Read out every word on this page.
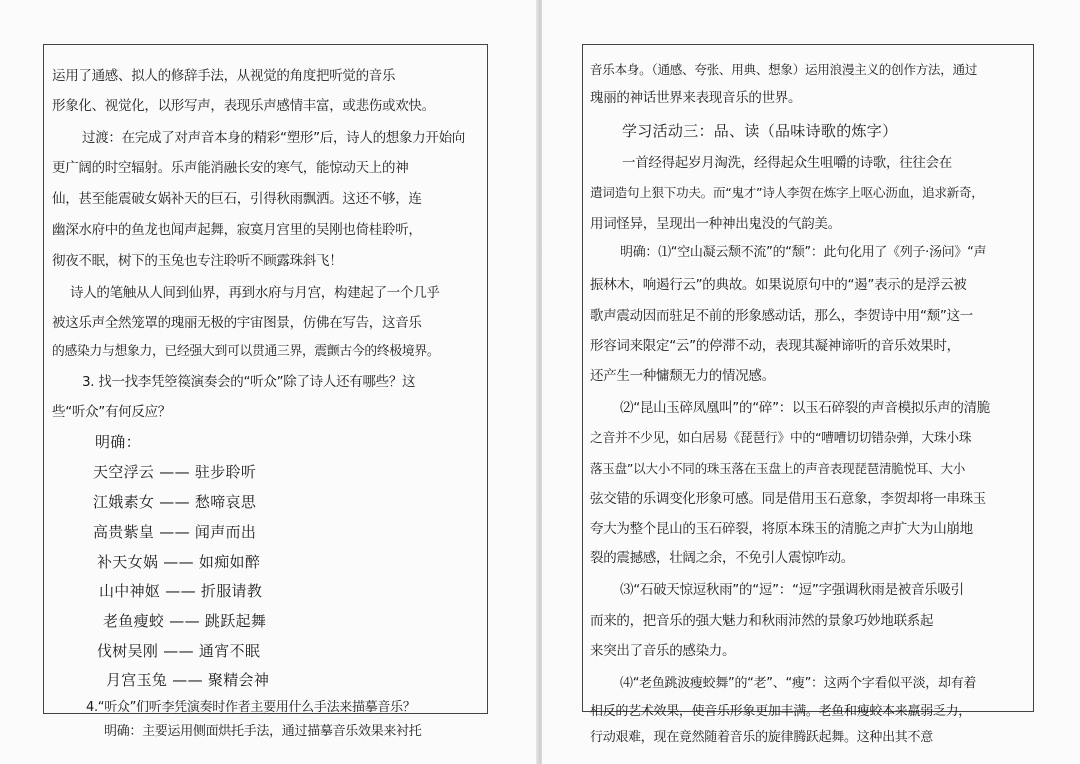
运用了通感、拟人的修辞手法，从视觉的角度把听觉的音乐
形象化、视觉化，以形写声，表现乐声感情丰富，或悲伤或欢快。
过渡：在完成了对声音本身的精彩“塑形”后，诗人的想象力开始向
更广阔的时空辐射。乐声能消融长安的寒气，能惊动天上的神
仙，甚至能震破女娲补天的巨石，引得秋雨飘洒。这还不够，连
幽深水府中的鱼龙也闻声起舞，寂寞月宫里的吴刚也倚桂聆听，
彻夜不眠，树下的玉兔也专注聆听不顾露珠斜飞！
诗人的笔触从人间到仙界，再到水府与月宫，构建起了一个几乎
被这乐声全然笼罩的瑰丽无极的宇宙图景，仿佛在写告，这音乐
的感染力与想象力，已经强大到可以贯通三界，震颤古今的终极境界。
3. 找一找李凭箜篌演奏会的“听众”除了诗人还有哪些？这
些“听众”有何反应？
明确：
天空浮云 —— 驻步聆听
江娥素女 —— 愁啼哀思
高贵紫皇 —— 闻声而出
补天女娲 —— 如痴如醉
山中神妪 —— 折服请教
老鱼瘦蛟 —— 跳跃起舞
伐树吴刚 —— 通宵不眠
月宫玉兔 —— 聚精会神
4.“听众”们听李凭演奏时作者主要用什么手法来描摹音乐？
明确：主要运用侧面烘托手法，通过描摹音乐效果来衬托
音乐本身。（通感、夸张、用典、想象）运用浪漫主义的创作方法，通过
瑰丽的神话世界来表现音乐的世界。
学习活动三：品、读（品味诗歌的炼字）
一首经得起岁月淘洗，经得起众生咀嚼的诗歌，往往会在
遣词造句上狠下功夫。而“鬼才”诗人李贺在炼字上呕心沥血，追求新奇，
用词怪异，呈现出一种神出鬼没的气韵美。
明确：⑴“空山凝云颓不流”的“颓”：此句化用了《列子·汤问》“声
振林木，响遏行云”的典故。如果说原句中的“遏”表示的是浮云被
歌声震动因而驻足不前的形象感动话，那么，李贺诗中用“颓”这一
形容词来限定“云”的停滞不动，表现其凝神谛听的音乐效果时，
还产生一种慵颓无力的情况感。
⑵“昆山玉碎凤凰叫”的“碎”：以玉石碎裂的声音模拟乐声的清脆
之音并不少见，如白居易《琵琶行》中的“嘈嘈切切错杂弹，大珠小珠
落玉盘”以大小不同的珠玉落在玉盘上的声音表现琵琶清脆悦耳、大小
弦交错的乐调变化形象可感。同是借用玉石意象，李贺却将一串珠玉
夸大为整个昆山的玉石碎裂，将原本珠玉的清脆之声扩大为山崩地
裂的震撼感，壮阔之余，不免引人震惊咋动。
⑶“石破天惊逗秋雨”的“逗”：“逗”字强调秋雨是被音乐吸引
而来的，把音乐的强大魅力和秋雨沛然的景象巧妙地联系起
来突出了音乐的感染力。
⑷“老鱼跳波瘦蛟舞”的“老”、“瘦”：这两个字看似平淡，却有着
相反的艺术效果，使音乐形象更加丰满。老鱼和瘦蛟本来羸弱乏力，
行动艰难，现在竟然随着音乐的旋律腾跃起舞。这种出其不意
